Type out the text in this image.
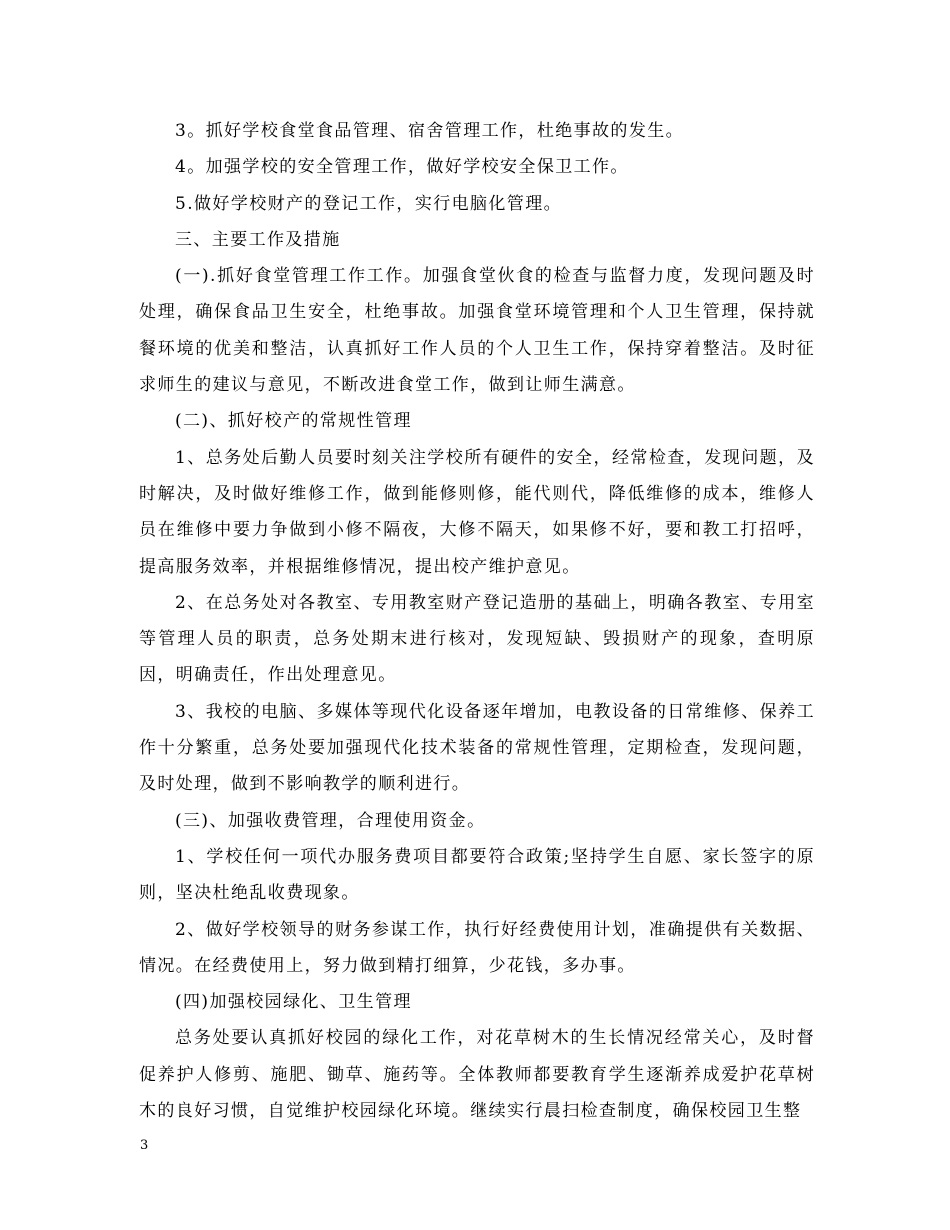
3。抓好学校食堂食品管理、宿舍管理工作，杜绝事故的发生。

4。加强学校的安全管理工作，做好学校安全保卫工作。

5.做好学校财产的登记工作，实行电脑化管理。

三、主要工作及措施

(一).抓好食堂管理工作工作。加强食堂伙食的检查与监督力度，发现问题及时处理，确保食品卫生安全，杜绝事故。加强食堂环境管理和个人卫生管理，保持就餐环境的优美和整洁，认真抓好工作人员的个人卫生工作，保持穿着整洁。及时征求师生的建议与意见，不断改进食堂工作，做到让师生满意。

(二)、抓好校产的常规性管理

1、总务处后勤人员要时刻关注学校所有硬件的安全，经常检查，发现问题，及时解决，及时做好维修工作，做到能修则修，能代则代，降低维修的成本，维修人员在维修中要力争做到小修不隔夜，大修不隔天，如果修不好，要和教工打招呼，提高服务效率，并根据维修情况，提出校产维护意见。

2、在总务处对各教室、专用教室财产登记造册的基础上，明确各教室、专用室等管理人员的职责，总务处期末进行核对，发现短缺、毁损财产的现象，查明原因，明确责任，作出处理意见。

3、我校的电脑、多媒体等现代化设备逐年增加，电教设备的日常维修、保养工作十分繁重，总务处要加强现代化技术装备的常规性管理，定期检查，发现问题，及时处理，做到不影响教学的顺利进行。

(三)、加强收费管理，合理使用资金。

1、学校任何一项代办服务费项目都要符合政策;坚持学生自愿、家长签字的原则，坚决杜绝乱收费现象。

2、做好学校领导的财务参谋工作，执行好经费使用计划，准确提供有关数据、情况。在经费使用上，努力做到精打细算，少花钱，多办事。

(四)加强校园绿化、卫生管理

总务处要认真抓好校园的绿化工作，对花草树木的生长情况经常关心，及时督促养护人修剪、施肥、锄草、施药等。全体教师都要教育学生逐渐养成爱护花草树木的良好习惯，自觉维护校园绿化环境。继续实行晨扫检查制度，确保校园卫生整

3
